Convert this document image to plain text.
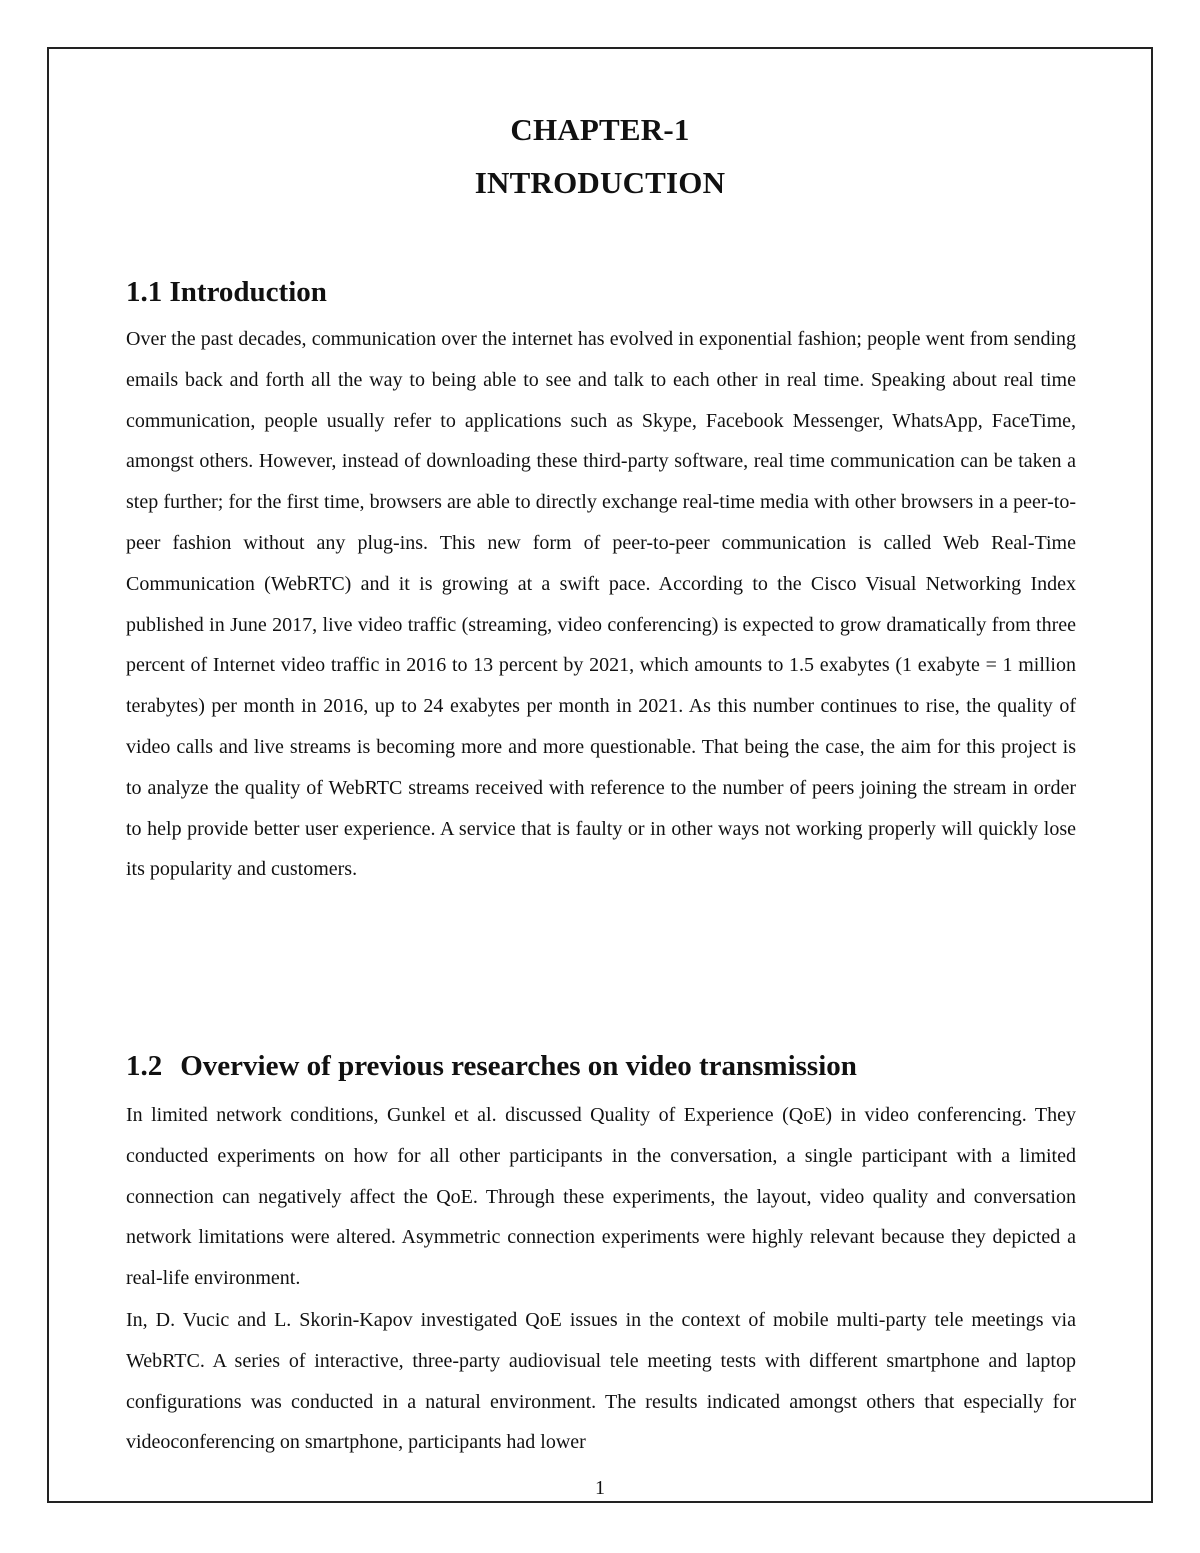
CHAPTER-1
INTRODUCTION
1.1 Introduction

Over the past decades, communication over the internet has evolved in exponential fashion; people went from sending emails back and forth all the way to being able to see and talk to each other in real time. Speaking about real time communication, people usually refer to applications such as Skype, Facebook Messenger, WhatsApp, FaceTime, amongst others. However, instead of downloading these third-party software, real time communication can be taken a step further; for the first time, browsers are able to directly exchange real-time media with other browsers in a peer-to-peer fashion without any plug-ins. This new form of peer-to-peer communication is called Web Real-Time Communication (WebRTC) and it is growing at a swift pace. According to the Cisco Visual Networking Index published in June 2017, live video traffic (streaming, video conferencing) is expected to grow dramatically from three percent of Internet video traffic in 2016 to 13 percent by 2021, which amounts to 1.5 exabytes (1 exabyte = 1 million terabytes) per month in 2016, up to 24 exabytes per month in 2021. As this number continues to rise, the quality of video calls and live streams is becoming more and more questionable. That being the case, the aim for this project is to analyze the quality of WebRTC streams received with reference to the number of peers joining the stream in order to help provide better user experience. A service that is faulty or in other ways not working properly will quickly lose its popularity and customers.

1.2 Overview of previous researches on video transmission

In limited network conditions, Gunkel et al. discussed Quality of Experience (QoE) in video conferencing. They conducted experiments on how for all other participants in the conversation, a single participant with a limited connection can negatively affect the QoE. Through these experiments, the layout, video quality and conversation network limitations were altered. Asymmetric connection experiments were highly relevant because they depicted a real-life environment.

In, D. Vucic and L. Skorin-Kapov investigated QoE issues in the context of mobile multi-party tele meetings via WebRTC. A series of interactive, three-party audiovisual tele meeting tests with different smartphone and laptop configurations was conducted in a natural environment. The results indicated amongst others that especially for videoconferencing on smartphone, participants had lower

1
